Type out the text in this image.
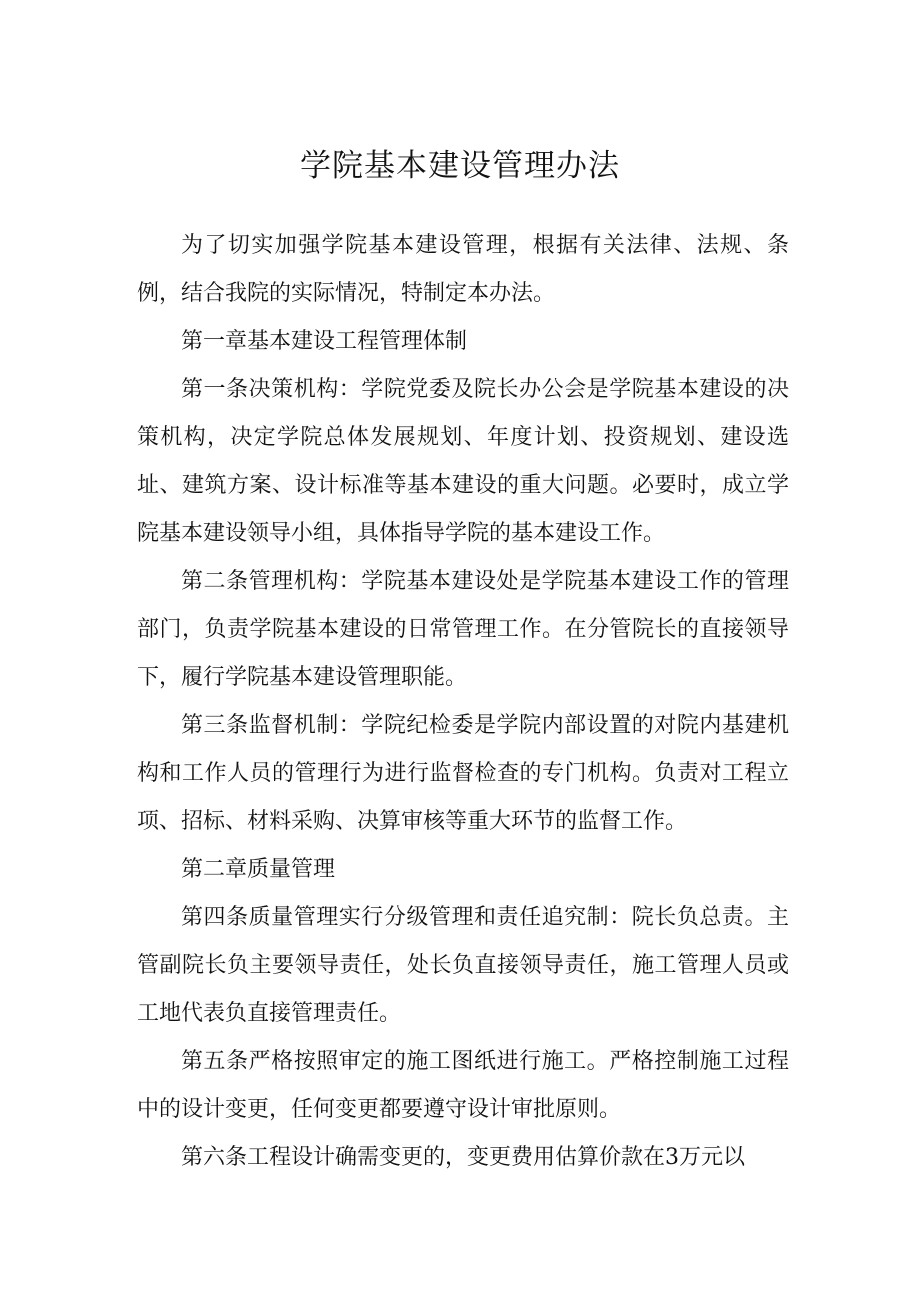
学院基本建设管理办法

为了切实加强学院基本建设管理，根据有关法律、法规、条例，结合我院的实际情况，特制定本办法。

第一章基本建设工程管理体制

第一条决策机构：学院党委及院长办公会是学院基本建设的决策机构，决定学院总体发展规划、年度计划、投资规划、建设选址、建筑方案、设计标准等基本建设的重大问题。必要时，成立学院基本建设领导小组，具体指导学院的基本建设工作。

第二条管理机构：学院基本建设处是学院基本建设工作的管理部门，负责学院基本建设的日常管理工作。在分管院长的直接领导下，履行学院基本建设管理职能。

第三条监督机制：学院纪检委是学院内部设置的对院内基建机构和工作人员的管理行为进行监督检查的专门机构。负责对工程立项、招标、材料采购、决算审核等重大环节的监督工作。

第二章质量管理

第四条质量管理实行分级管理和责任追究制：院长负总责。主管副院长负主要领导责任，处长负直接领导责任，施工管理人员或工地代表负直接管理责任。

第五条严格按照审定的施工图纸进行施工。严格控制施工过程中的设计变更，任何变更都要遵守设计审批原则。

第六条工程设计确需变更的，变更费用估算价款在3万元以
